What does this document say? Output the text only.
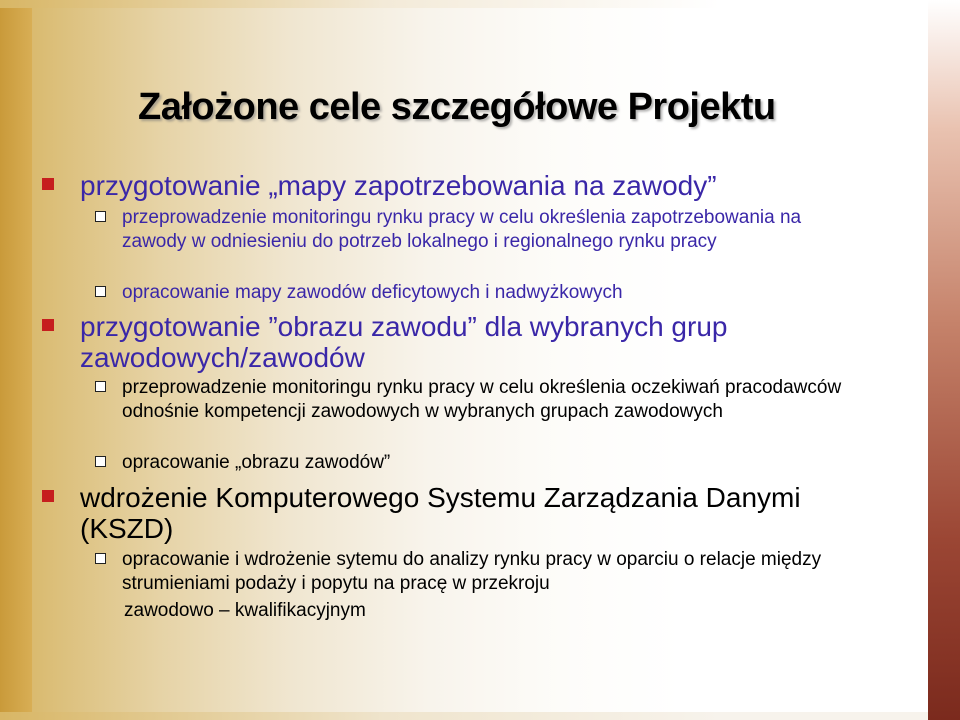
Założone cele szczegółowe Projektu
przygotowanie „mapy zapotrzebowania na zawody”
przeprowadzenie monitoringu rynku pracy w celu określenia zapotrzebowania na zawody w odniesieniu do potrzeb lokalnego i regionalnego rynku pracy
opracowanie mapy zawodów deficytowych i nadwyżkowych
przygotowanie ”obrazu zawodu” dla wybranych grup zawodowych/zawodów
przeprowadzenie monitoringu rynku pracy w celu określenia oczekiwań pracodawców odnośnie kompetencji zawodowych w wybranych grupach zawodowych
opracowanie „obrazu zawodów”
wdrożenie Komputerowego Systemu Zarządzania Danymi (KSZD)
opracowanie i wdrożenie sytemu do analizy rynku pracy w oparciu o relacje między strumieniami podaży i popytu na pracę w przekroju
zawodowo – kwalifikacyjnym
